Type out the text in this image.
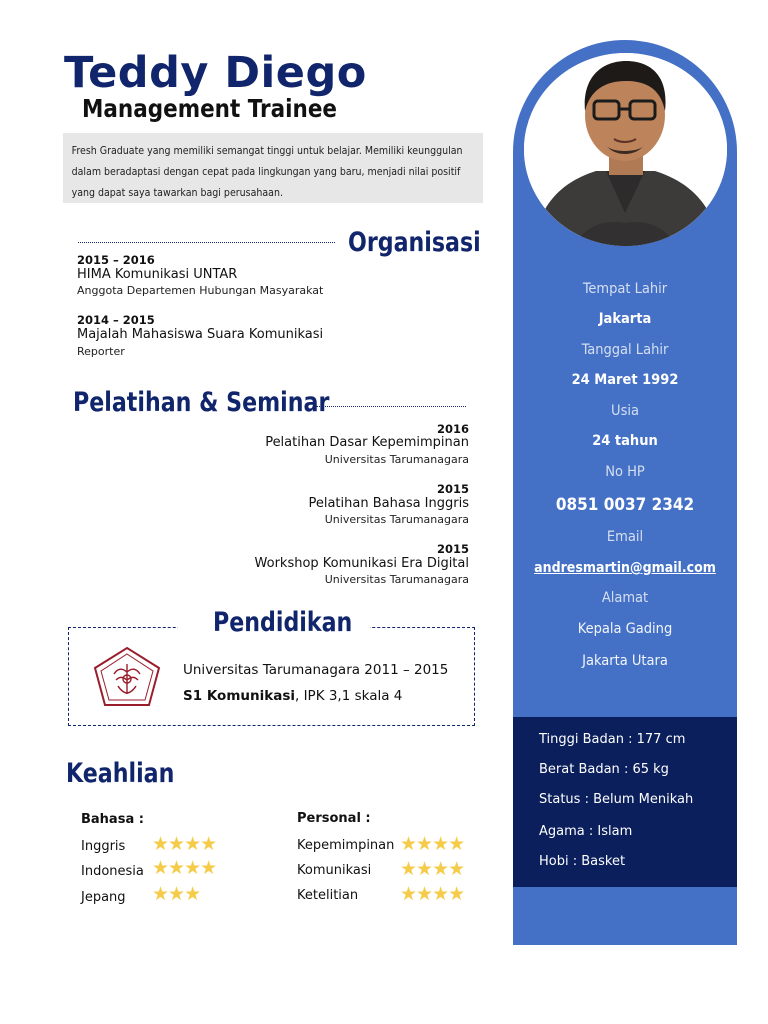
Teddy Diego
Management Trainee

Fresh Graduate yang memiliki semangat tinggi untuk belajar. Memiliki keunggulan dalam beradaptasi dengan cepat pada lingkungan yang baru, menjadi nilai positif yang dapat saya tawarkan bagi perusahaan.

Organisasi
2015 – 2016
HIMA Komunikasi UNTAR
Anggota Departemen Hubungan Masyarakat
2014 – 2015
Majalah Mahasiswa Suara Komunikasi
Reporter
Pelatihan & Seminar
2016
Pelatihan Dasar Kepemimpinan
Universitas Tarumanagara
2015
Pelatihan Bahasa Inggris
Universitas Tarumanagara
2015
Workshop Komunikasi Era Digital
Universitas Tarumanagara
Pendidikan
Universitas Tarumanagara 2011 – 2015
S1 Komunikasi, IPK 3,1 skala 4
Keahlian
Bahasa :	Personal :
Inggris ★★★★
Indonesia ★★★★
Jepang ★★★
Kepemimpinan ★★★★
Komunikasi ★★★★
Ketelitian ★★★★
Tempat Lahir
Jakarta
Tanggal Lahir
24 Maret 1992
Usia
24 tahun
No HP
0851 0037 2342
Email
andresmartin@gmail.com
Alamat
Kepala Gading
Jakarta Utara
Tinggi Badan : 177 cm
Berat Badan : 65 kg
Status : Belum Menikah
Agama : Islam
Hobi : Basket
